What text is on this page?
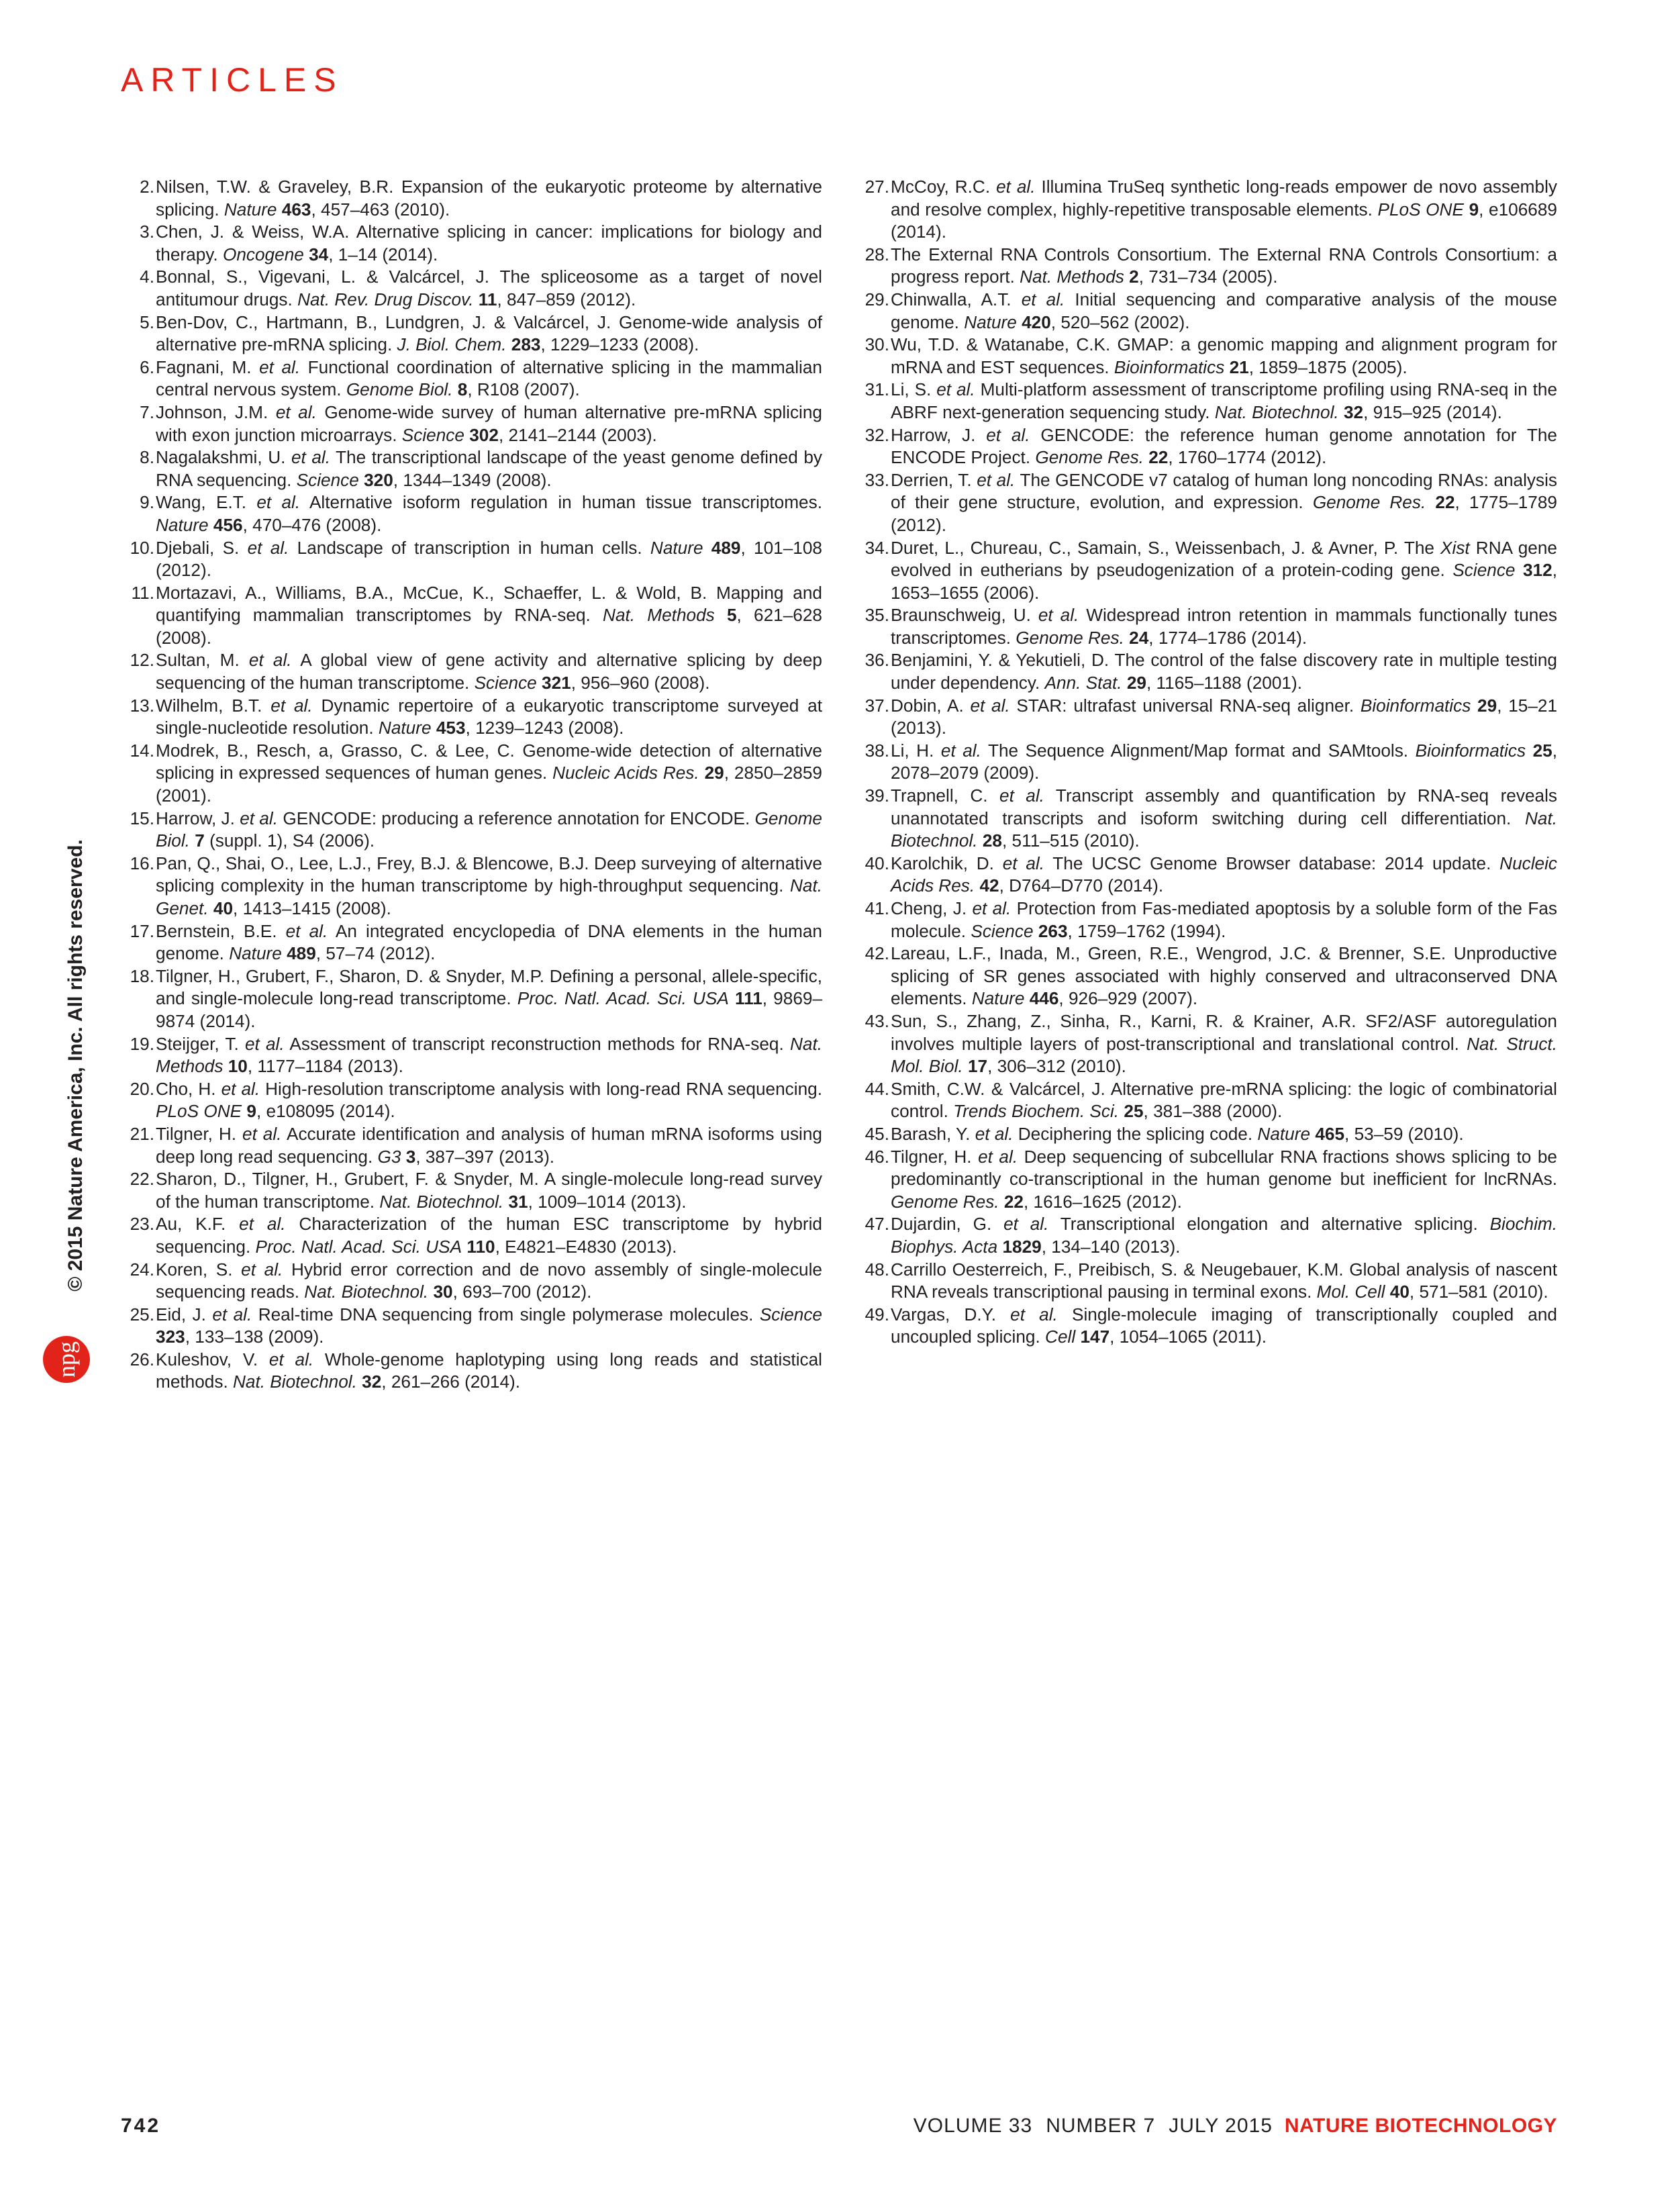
ARTICLES
© 2015 Nature America, Inc. All rights reserved.
npg

2. Nilsen, T.W. & Graveley, B.R. Expansion of the eukaryotic proteome by alternative splicing. Nature 463, 457–463 (2010).

3. Chen, J. & Weiss, W.A. Alternative splicing in cancer: implications for biology and therapy. Oncogene 34, 1–14 (2014).

4. Bonnal, S., Vigevani, L. & Valcárcel, J. The spliceosome as a target of novel antitumour drugs. Nat. Rev. Drug Discov. 11, 847–859 (2012).

5. Ben-Dov, C., Hartmann, B., Lundgren, J. & Valcárcel, J. Genome-wide analysis of alternative pre-mRNA splicing. J. Biol. Chem. 283, 1229–1233 (2008).

6. Fagnani, M. et al. Functional coordination of alternative splicing in the mammalian central nervous system. Genome Biol. 8, R108 (2007).

7. Johnson, J.M. et al. Genome-wide survey of human alternative pre-mRNA splicing with exon junction microarrays. Science 302, 2141–2144 (2003).

8. Nagalakshmi, U. et al. The transcriptional landscape of the yeast genome defined by RNA sequencing. Science 320, 1344–1349 (2008).

9. Wang, E.T. et al. Alternative isoform regulation in human tissue transcriptomes. Nature 456, 470–476 (2008).

10. Djebali, S. et al. Landscape of transcription in human cells. Nature 489, 101–108 (2012).

11. Mortazavi, A., Williams, B.A., McCue, K., Schaeffer, L. & Wold, B. Mapping and quantifying mammalian transcriptomes by RNA-seq. Nat. Methods 5, 621–628 (2008).

12. Sultan, M. et al. A global view of gene activity and alternative splicing by deep sequencing of the human transcriptome. Science 321, 956–960 (2008).

13. Wilhelm, B.T. et al. Dynamic repertoire of a eukaryotic transcriptome surveyed at single-nucleotide resolution. Nature 453, 1239–1243 (2008).

14. Modrek, B., Resch, a, Grasso, C. & Lee, C. Genome-wide detection of alternative splicing in expressed sequences of human genes. Nucleic Acids Res. 29, 2850–2859 (2001).

15. Harrow, J. et al. GENCODE: producing a reference annotation for ENCODE. Genome Biol. 7 (suppl. 1), S4 (2006).

16. Pan, Q., Shai, O., Lee, L.J., Frey, B.J. & Blencowe, B.J. Deep surveying of alternative splicing complexity in the human transcriptome by high-throughput sequencing. Nat. Genet. 40, 1413–1415 (2008).

17. Bernstein, B.E. et al. An integrated encyclopedia of DNA elements in the human genome. Nature 489, 57–74 (2012).

18. Tilgner, H., Grubert, F., Sharon, D. & Snyder, M.P. Defining a personal, allele-specific, and single-molecule long-read transcriptome. Proc. Natl. Acad. Sci. USA 111, 9869–9874 (2014).

19. Steijger, T. et al. Assessment of transcript reconstruction methods for RNA-seq. Nat. Methods 10, 1177–1184 (2013).

20. Cho, H. et al. High-resolution transcriptome analysis with long-read RNA sequencing. PLoS ONE 9, e108095 (2014).

21. Tilgner, H. et al. Accurate identification and analysis of human mRNA isoforms using deep long read sequencing. G3 3, 387–397 (2013).

22. Sharon, D., Tilgner, H., Grubert, F. & Snyder, M. A single-molecule long-read survey of the human transcriptome. Nat. Biotechnol. 31, 1009–1014 (2013).

23. Au, K.F. et al. Characterization of the human ESC transcriptome by hybrid sequencing. Proc. Natl. Acad. Sci. USA 110, E4821–E4830 (2013).

24. Koren, S. et al. Hybrid error correction and de novo assembly of single-molecule sequencing reads. Nat. Biotechnol. 30, 693–700 (2012).

25. Eid, J. et al. Real-time DNA sequencing from single polymerase molecules. Science 323, 133–138 (2009).

26. Kuleshov, V. et al. Whole-genome haplotyping using long reads and statistical methods. Nat. Biotechnol. 32, 261–266 (2014).

27. McCoy, R.C. et al. Illumina TruSeq synthetic long-reads empower de novo assembly and resolve complex, highly-repetitive transposable elements. PLoS ONE 9, e106689 (2014).

28. The External RNA Controls Consortium. The External RNA Controls Consortium: a progress report. Nat. Methods 2, 731–734 (2005).

29. Chinwalla, A.T. et al. Initial sequencing and comparative analysis of the mouse genome. Nature 420, 520–562 (2002).

30. Wu, T.D. & Watanabe, C.K. GMAP: a genomic mapping and alignment program for mRNA and EST sequences. Bioinformatics 21, 1859–1875 (2005).

31. Li, S. et al. Multi-platform assessment of transcriptome profiling using RNA-seq in the ABRF next-generation sequencing study. Nat. Biotechnol. 32, 915–925 (2014).

32. Harrow, J. et al. GENCODE: the reference human genome annotation for The ENCODE Project. Genome Res. 22, 1760–1774 (2012).

33. Derrien, T. et al. The GENCODE v7 catalog of human long noncoding RNAs: analysis of their gene structure, evolution, and expression. Genome Res. 22, 1775–1789 (2012).

34. Duret, L., Chureau, C., Samain, S., Weissenbach, J. & Avner, P. The Xist RNA gene evolved in eutherians by pseudogenization of a protein-coding gene. Science 312, 1653–1655 (2006).

35. Braunschweig, U. et al. Widespread intron retention in mammals functionally tunes transcriptomes. Genome Res. 24, 1774–1786 (2014).

36. Benjamini, Y. & Yekutieli, D. The control of the false discovery rate in multiple testing under dependency. Ann. Stat. 29, 1165–1188 (2001).

37. Dobin, A. et al. STAR: ultrafast universal RNA-seq aligner. Bioinformatics 29, 15–21 (2013).

38. Li, H. et al. The Sequence Alignment/Map format and SAMtools. Bioinformatics 25, 2078–2079 (2009).

39. Trapnell, C. et al. Transcript assembly and quantification by RNA-seq reveals unannotated transcripts and isoform switching during cell differentiation. Nat. Biotechnol. 28, 511–515 (2010).

40. Karolchik, D. et al. The UCSC Genome Browser database: 2014 update. Nucleic Acids Res. 42, D764–D770 (2014).

41. Cheng, J. et al. Protection from Fas-mediated apoptosis by a soluble form of the Fas molecule. Science 263, 1759–1762 (1994).

42. Lareau, L.F., Inada, M., Green, R.E., Wengrod, J.C. & Brenner, S.E. Unproductive splicing of SR genes associated with highly conserved and ultraconserved DNA elements. Nature 446, 926–929 (2007).

43. Sun, S., Zhang, Z., Sinha, R., Karni, R. & Krainer, A.R. SF2/ASF autoregulation involves multiple layers of post-transcriptional and translational control. Nat. Struct. Mol. Biol. 17, 306–312 (2010).

44. Smith, C.W. & Valcárcel, J. Alternative pre-mRNA splicing: the logic of combinatorial control. Trends Biochem. Sci. 25, 381–388 (2000).

45. Barash, Y. et al. Deciphering the splicing code. Nature 465, 53–59 (2010).

46. Tilgner, H. et al. Deep sequencing of subcellular RNA fractions shows splicing to be predominantly co-transcriptional in the human genome but inefficient for lncRNAs. Genome Res. 22, 1616–1625 (2012).

47. Dujardin, G. et al. Transcriptional elongation and alternative splicing. Biochim. Biophys. Acta 1829, 134–140 (2013).

48. Carrillo Oesterreich, F., Preibisch, S. & Neugebauer, K.M. Global analysis of nascent RNA reveals transcriptional pausing in terminal exons. Mol. Cell 40, 571–581 (2010).

49. Vargas, D.Y. et al. Single-molecule imaging of transcriptionally coupled and uncoupled splicing. Cell 147, 1054–1065 (2011).

742	VOLUME 33 NUMBER 7 JULY 2015 NATURE BIOTECHNOLOGY
